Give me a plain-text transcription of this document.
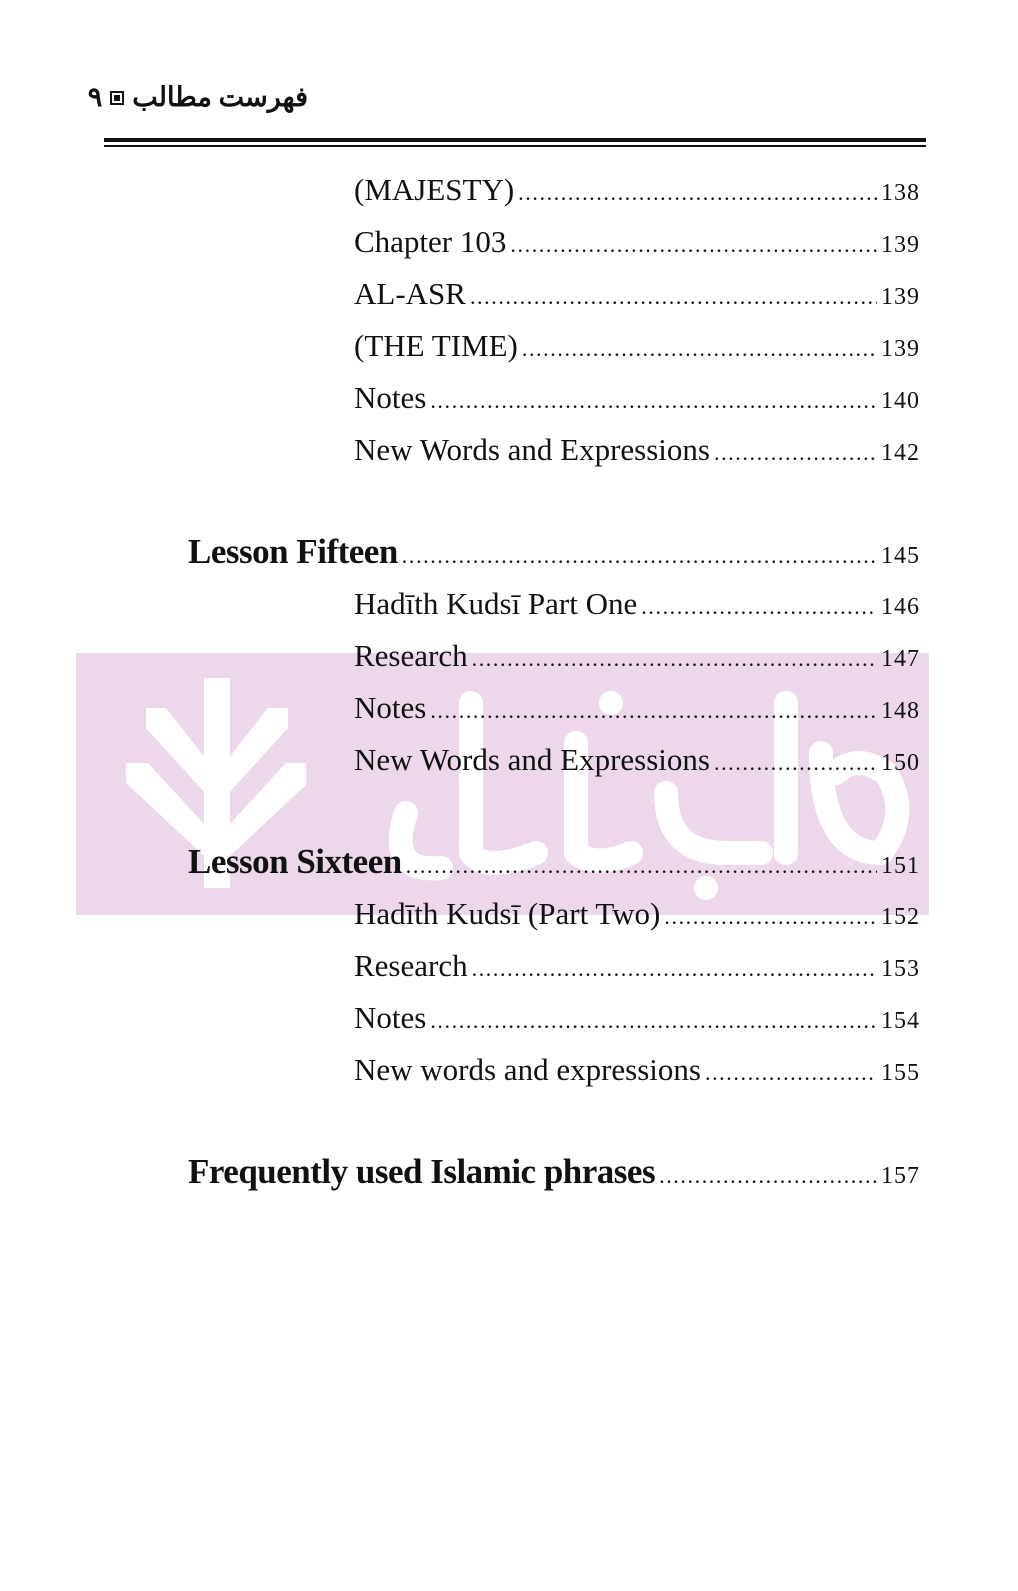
فهرست مطالب
٩
(MAJESTY) .....	138
Chapter 103 .....	139
AL-ASR .....	139
(THE TIME) .....	139
Notes .....	140
New Words and Expressions .....	142
Lesson Fifteen .....	145
Hadīth Kudsī Part One .....	146
Research .....	147
Notes .....	148
New Words and Expressions .....	150
Lesson Sixteen .....	151
Hadīth Kudsī (Part Two) .....	152
Research .....	153
Notes .....	154
New words and expressions .....	155
Frequently used Islamic phrases .....	157
